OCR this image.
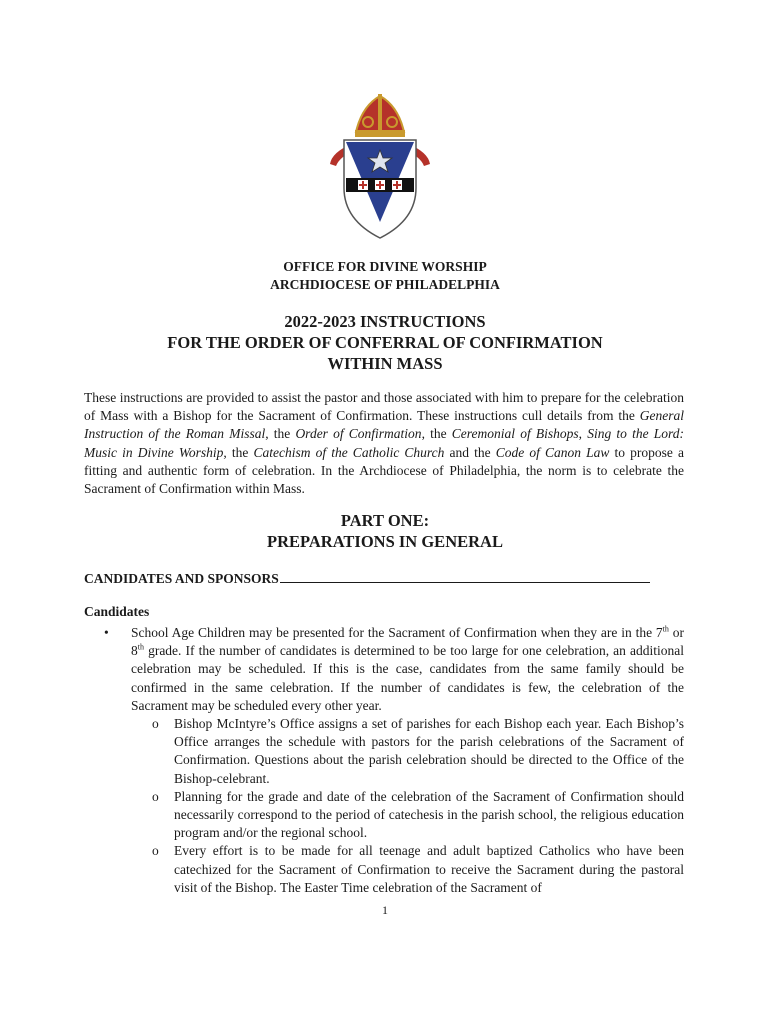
OFFICE FOR DIVINE WORSHIP
ARCHDIOCESE OF PHILADELPHIA
2022-2023 INSTRUCTIONS
FOR THE ORDER OF CONFERRAL OF CONFIRMATION
WITHIN MASS

These instructions are provided to assist the pastor and those associated with him to prepare for the celebration of Mass with a Bishop for the Sacrament of Confirmation. These instructions cull details from the General Instruction of the Roman Missal, the Order of Confirmation, the Ceremonial of Bishops, Sing to the Lord: Music in Divine Worship, the Catechism of the Catholic Church and the Code of Canon Law to propose a fitting and authentic form of celebration. In the Archdiocese of Philadelphia, the norm is to celebrate the Sacrament of Confirmation within Mass.

PART ONE:
PREPARATIONS IN GENERAL
CANDIDATES AND SPONSORS
Candidates
• School Age Children may be presented for the Sacrament of Confirmation when they are in the 7th or 8th grade. If the number of candidates is determined to be too large for one celebration, an additional celebration may be scheduled. If this is the case, candidates from the same family should be confirmed in the same celebration. If the number of candidates is few, the celebration of the Sacrament may be scheduled every other year.
o Bishop McIntyre’s Office assigns a set of parishes for each Bishop each year. Each Bishop’s Office arranges the schedule with pastors for the parish celebrations of the Sacrament of Confirmation. Questions about the parish celebration should be directed to the Office of the Bishop-celebrant.
o Planning for the grade and date of the celebration of the Sacrament of Confirmation should necessarily correspond to the period of catechesis in the parish school, the religious education program and/or the regional school.
o Every effort is to be made for all teenage and adult baptized Catholics who have been catechized for the Sacrament of Confirmation to receive the Sacrament during the pastoral visit of the Bishop. The Easter Time celebration of the Sacrament of
1
